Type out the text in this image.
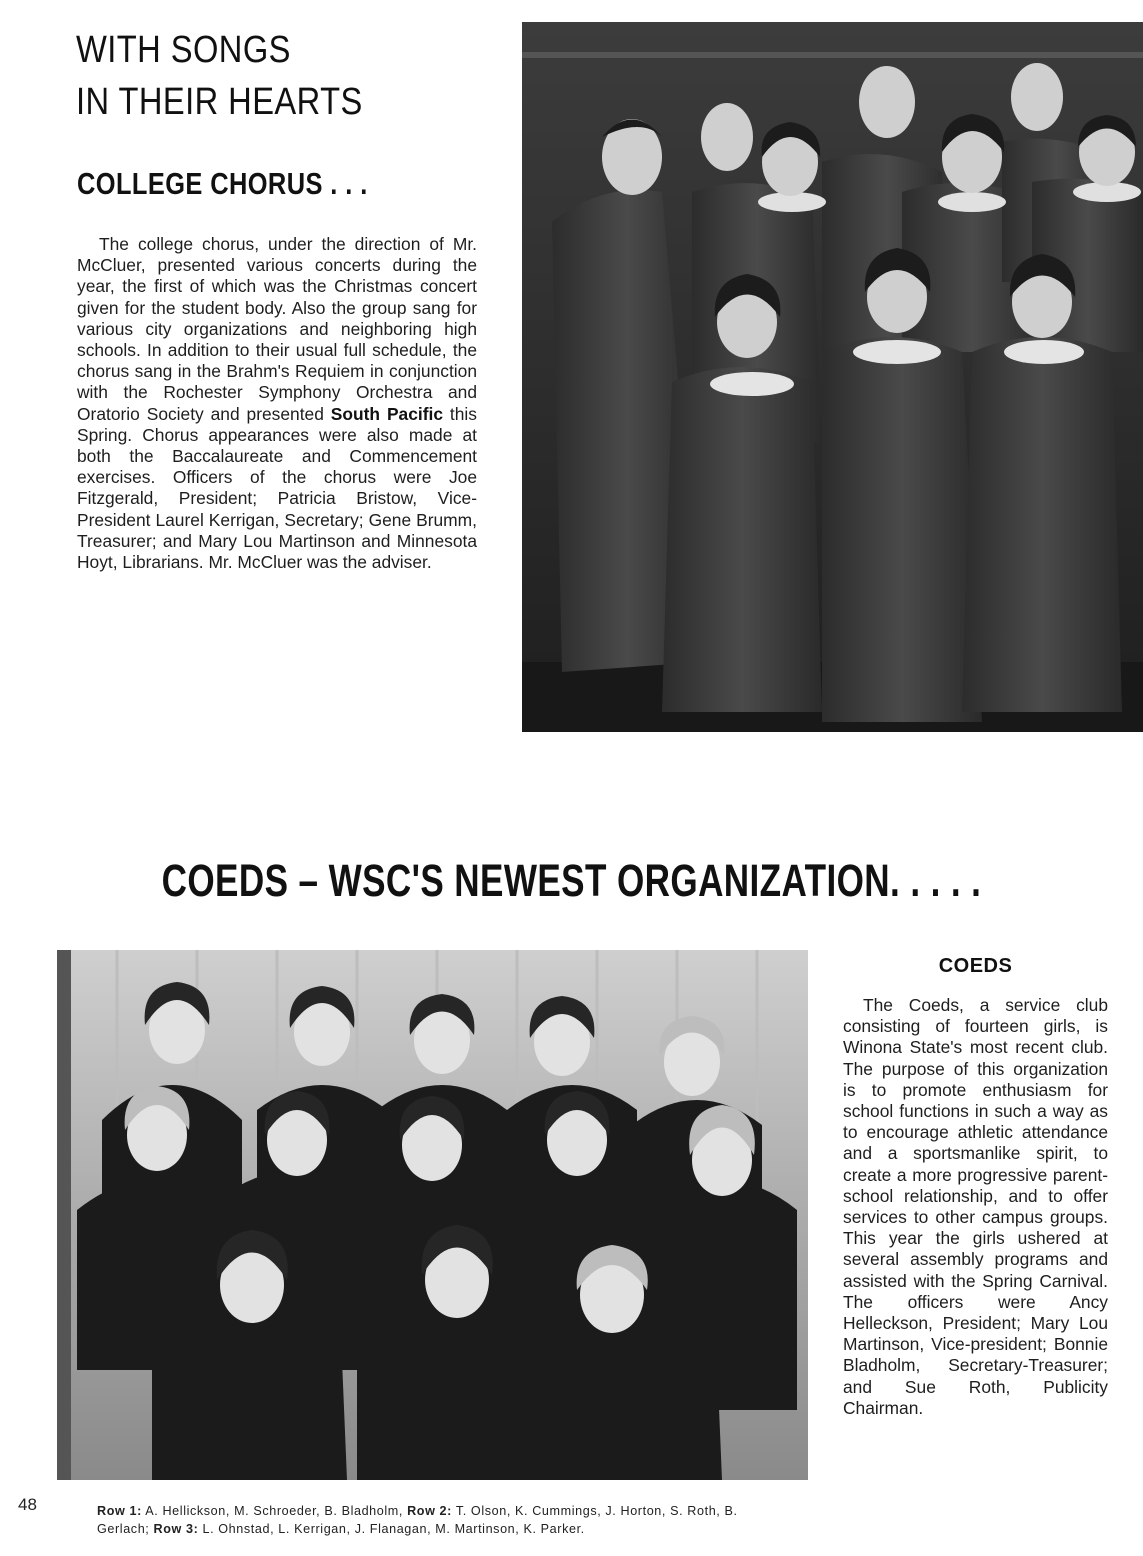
WITH SONGS
IN THEIR HEARTS
COLLEGE CHORUS . . .

The college chorus, under the direction of Mr. McCluer, presented various concerts during the year, the first of which was the Christmas concert given for the student body. Also the group sang for various city organizations and neighboring high schools. In addition to their usual full schedule, the chorus sang in the Brahm's Requiem in conjunction with the Rochester Symphony Orchestra and Oratorio Society and presented South Pacific this Spring. Chorus appearances were also made at both the Baccalaureate and Commencement exercises. Officers of the chorus were Joe Fitzgerald, President; Patricia Bristow, Vice-President Laurel Kerrigan, Secretary; Gene Brumm, Treasurer; and Mary Lou Martinson and Minnesota Hoyt, Librarians. Mr. McCluer was the adviser.

COEDS – WSC'S NEWEST ORGANIZATION. . . . .
COEDS

The Coeds, a service club consisting of fourteen girls, is Winona State's most recent club. The purpose of this organization is to promote enthusiasm for school functions in such a way as to encourage athletic attendance and a sportsmanlike spirit, to create a more progressive parent-school relationship, and to offer services to other campus groups. This year the girls ushered at several assembly programs and assisted with the Spring Carnival. The officers were Ancy Helleckson, President; Mary Lou Martinson, Vice-president; Bonnie Bladholm, Secretary-Treasurer; and Sue Roth, Publicity Chairman.

48	Row 1: A. Hellickson, M. Schroeder, B. Bladholm, Row 2: T. Olson, K. Cummings, J. Horton, S. Roth, B. Gerlach; Row 3: L. Ohnstad, L. Kerrigan, J. Flanagan, M. Martinson, K. Parker.
